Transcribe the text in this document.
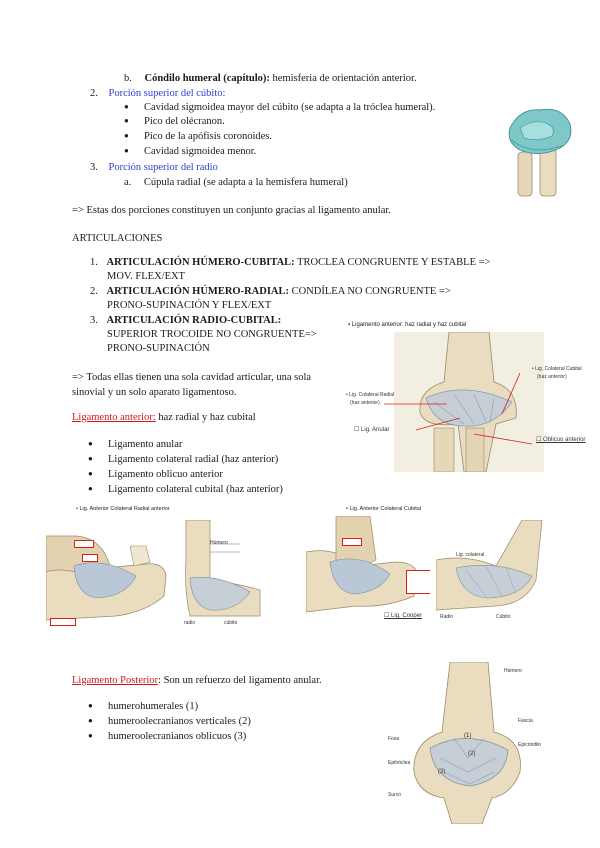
b. Cóndilo humeral (capítulo): hemisferia de orientación anterior.
2. Porción superior del cúbito:
● Cavidad sigmoidea mayor del cúbito (se adapta a la tróclea humeral).
● Pico del olécranon.
● Pico de la apófisis coronoides.
● Cavidad sigmoidea menor.
3. Porción superior del radio
a. Cúpula radial (se adapta a la hemisfera humeral)
=> Estas dos porciones constituyen un conjunto gracias al ligamento anular.
ARTICULACIONES
1. ARTICULACIÓN HÚMERO-CUBITAL: TROCLEA CONGRUENTE Y ESTABLE =>
MOV. FLEX/EXT
2. ARTICULACIÓN HÚMERO-RADIAL: CONDÍLEA NO CONGRUENTE =>
PRONO-SUPINACIÓN Y FLEX/EXT
3. ARTICULACIÓN RADIO-CUBITAL:
SUPERIOR TROCOIDE NO CONGRUENTE=>
PRONO-SUPINACIÓN
=> Todas ellas tienen una sola cavidad articular, una sola
sinovial y un solo aparato ligamentoso.
Ligamento anterior: haz radial y haz cubital
● Ligamento anular
● Ligamento colateral radial (haz anterior)
● Ligamento oblicuo anterior
● Ligamento colateral cubital (haz anterior)
▪ Ligamento anterior: haz radial y haz cubital
• Lig. Colateral Cubital
(haz anterior)
• Lig. Colateral Radial
(haz anterior)
☐ Lig. Anular
☐ Oblicuo anterior
• Lig. Anterior Colateral Radial anterior
Húmero
radio	cúbito
• Lig. Anterior Colateral Cubital
☐ Lig. Cooper
Lig. colateral
Radio	Cúbito
Ligamento Posterior: Son un refuerzo del ligamento anular.
● humerohumerales (1)
● humeroolecranianos verticales (2)
● humeroolecranianos oblicuos (3)
Húmero
(1)
(2)
(3)
Fascia
Epicóndilo
Fosa
Epitróclea
Surco
